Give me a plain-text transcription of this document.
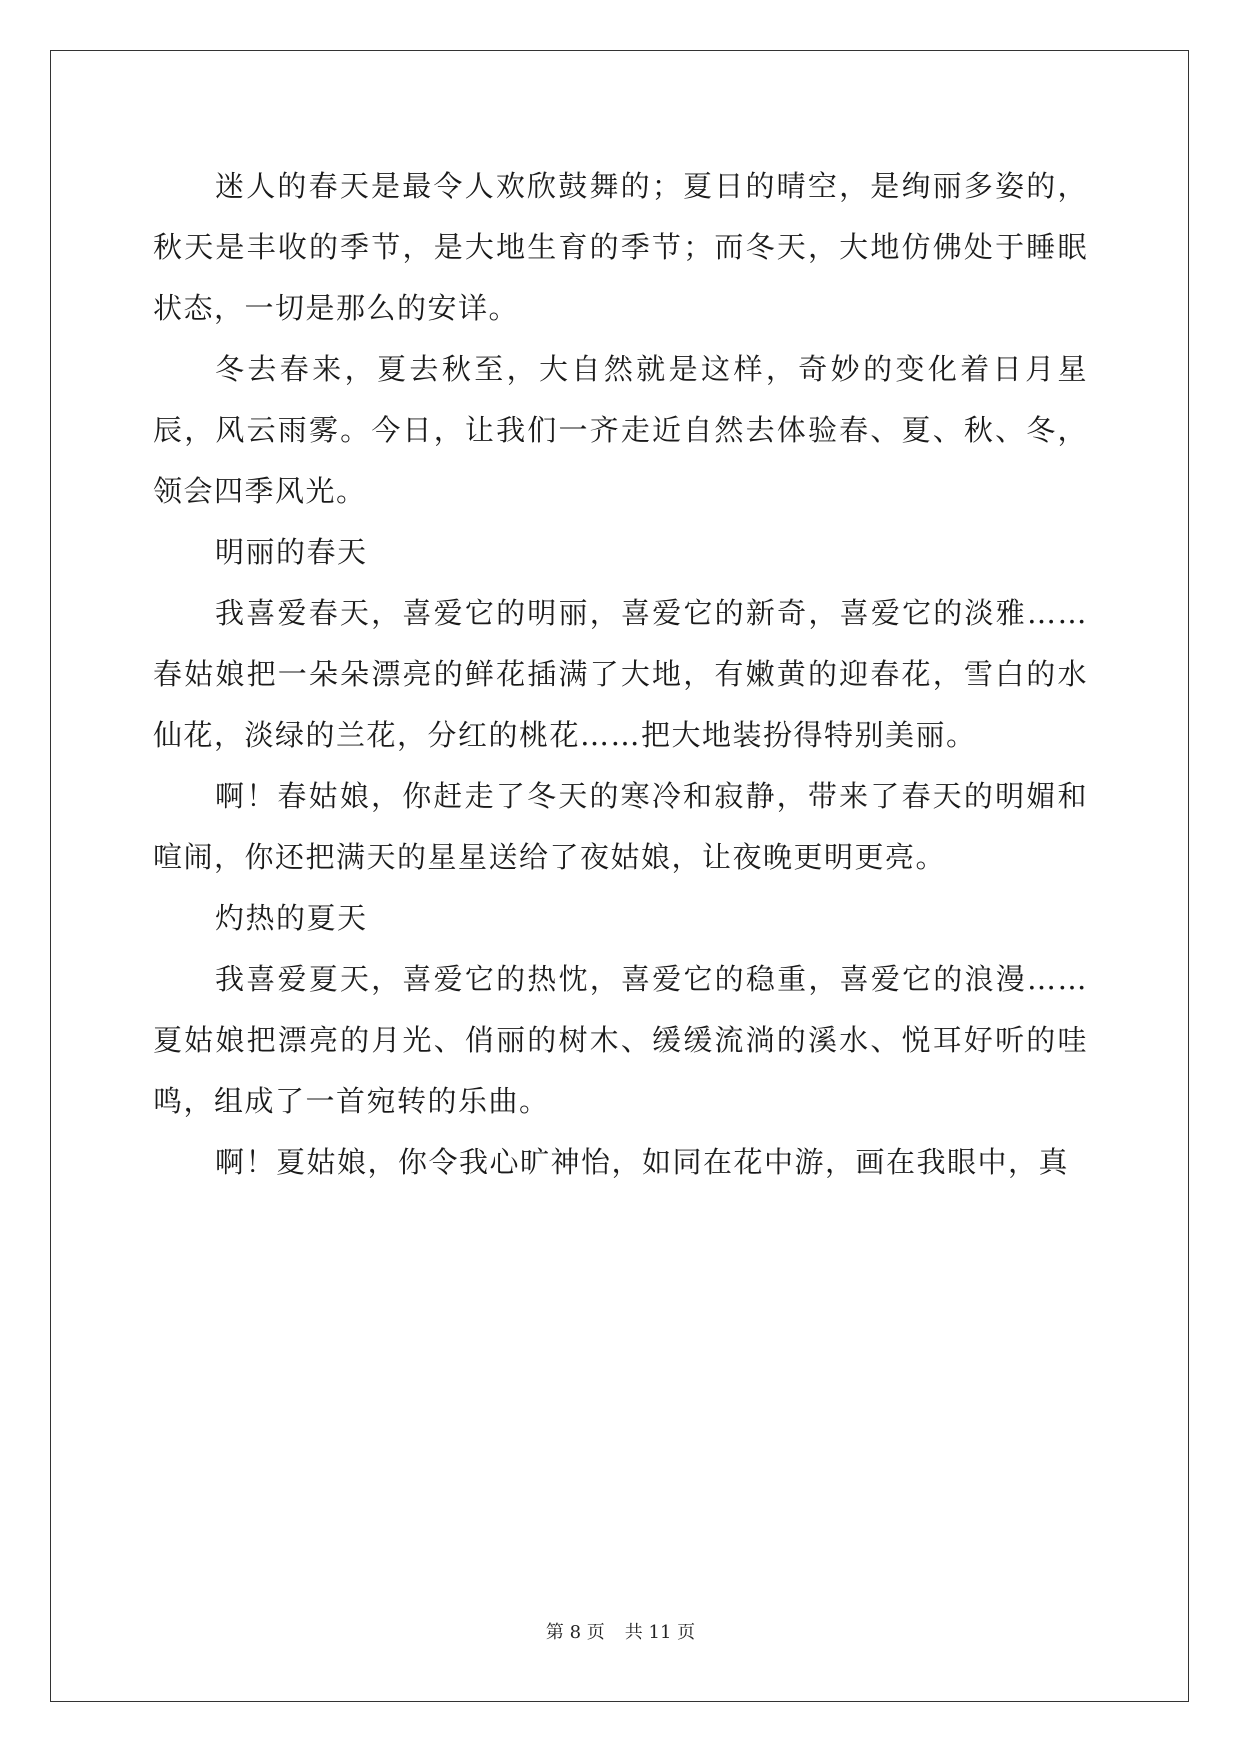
迷人的春天是最令人欢欣鼓舞的；夏日的晴空，是绚丽多姿的，秋天是丰收的季节，是大地生育的季节；而冬天，大地仿佛处于睡眠状态，一切是那么的安详。

冬去春来，夏去秋至，大自然就是这样，奇妙的变化着日月星辰，风云雨雾。今日，让我们一齐走近自然去体验春、夏、秋、冬，领会四季风光。

明丽的春天

我喜爱春天，喜爱它的明丽，喜爱它的新奇，喜爱它的淡雅……春姑娘把一朵朵漂亮的鲜花插满了大地，有嫩黄的迎春花，雪白的水仙花，淡绿的兰花，分红的桃花……把大地装扮得特别美丽。

啊！春姑娘，你赶走了冬天的寒冷和寂静，带来了春天的明媚和喧闹，你还把满天的星星送给了夜姑娘，让夜晚更明更亮。

灼热的夏天

我喜爱夏天，喜爱它的热忱，喜爱它的稳重，喜爱它的浪漫……夏姑娘把漂亮的月光、俏丽的树木、缓缓流淌的溪水、悦耳好听的哇鸣，组成了一首宛转的乐曲。

啊！夏姑娘，你令我心旷神怡，如同在花中游，画在我眼中，真

第 8 页 共 11 页
